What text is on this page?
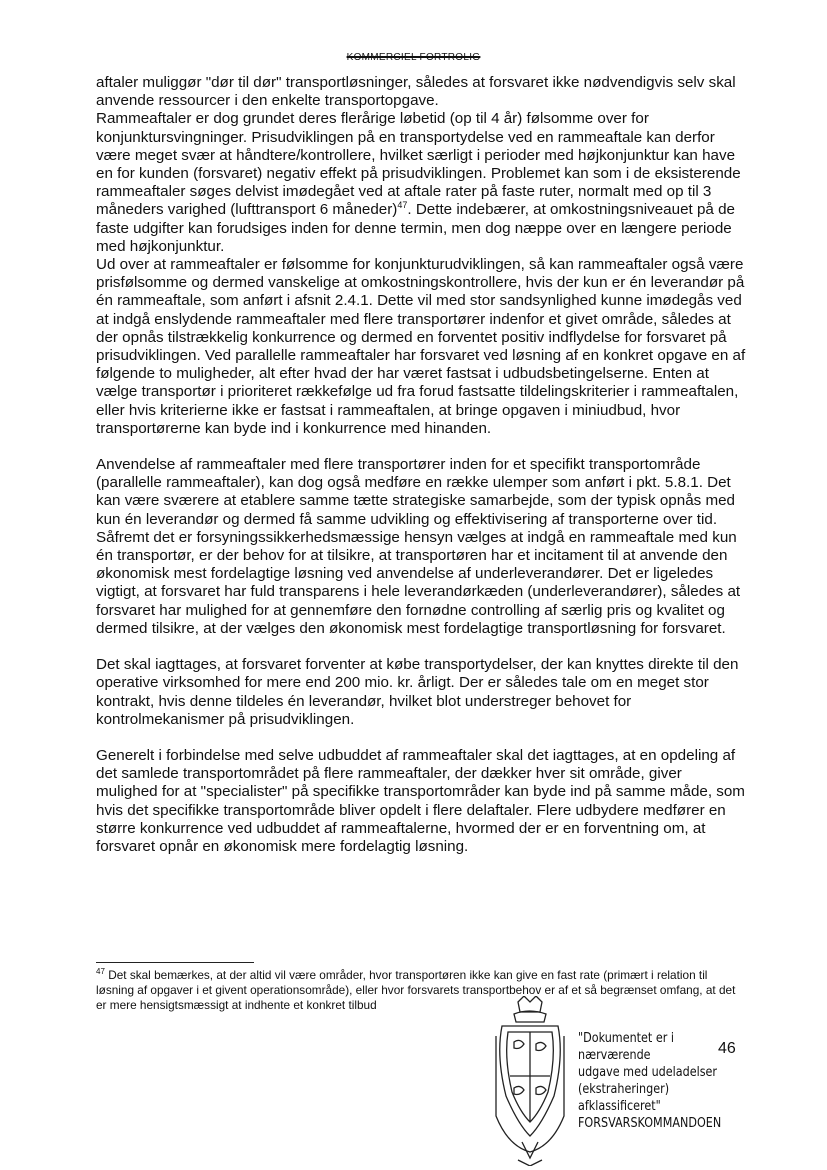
KOMMERCIEL FORTROLIG

aftaler muliggør "dør til dør" transportløsninger, således at forsvaret ikke nødvendigvis selv skal anvende ressourcer i den enkelte transportopgave.

Rammeaftaler er dog grundet deres flerårige løbetid (op til 4 år) følsomme over for konjunktursvingninger. Prisudviklingen på en transportydelse ved en rammeaftale kan derfor være meget svær at håndtere/kontrollere, hvilket særligt i perioder med højkonjunktur kan have en for kunden (forsvaret) negativ effekt på prisudviklingen. Problemet kan som i de eksisterende rammeaftaler søges delvist imødegået ved at aftale rater på faste ruter, normalt med op til 3 måneders varighed (lufttransport 6 måneder)$^{47}$. Dette indebærer, at omkostningsniveauet på de faste udgifter kan forudsiges inden for denne termin, men dog næppe over en længere periode med højkonjunktur.

Ud over at rammeaftaler er følsomme for konjunkturudviklingen, så kan rammeaftaler også være prisfølsomme og dermed vanskelige at omkostningskontrollere, hvis der kun er én leverandør på én rammeaftale, som anført i afsnit 2.4.1. Dette vil med stor sandsynlighed kunne imødegås ved at indgå enslydende rammeaftaler med flere transportører indenfor et givet område, således at der opnås tilstrækkelig konkurrence og dermed en forventet positiv indflydelse for forsvaret på prisudviklingen. Ved parallelle rammeaftaler har forsvaret ved løsning af en konkret opgave en af følgende to muligheder, alt efter hvad der har været fastsat i udbudsbetingelserne. Enten at vælge transportør i prioriteret rækkefølge ud fra forud fastsatte tildelingskriterier i rammeaftalen, eller hvis kriterierne ikke er fastsat i rammeaftalen, at bringe opgaven i miniudbud, hvor transportørerne kan byde ind i konkurrence med hinanden.

Anvendelse af rammeaftaler med flere transportører inden for et specifikt transportområde (parallelle rammeaftaler), kan dog også medføre en række ulemper som anført i pkt. 5.8.1. Det kan være sværere at etablere samme tætte strategiske samarbejde, som der typisk opnås med kun én leverandør og dermed få samme udvikling og effektivisering af transporterne over tid. Såfremt det er forsyningssikkerhedsmæssige hensyn vælges at indgå en rammeaftale med kun én transportør, er der behov for at tilsikre, at transportøren har et incitament til at anvende den økonomisk mest fordelagtige løsning ved anvendelse af underleverandører. Det er ligeledes vigtigt, at forsvaret har fuld transparens i hele leverandørkæden (underleverandører), således at forsvaret har mulighed for at gennemføre den fornødne controlling af særlig pris og kvalitet og dermed tilsikre, at der vælges den økonomisk mest fordelagtige transportløsning for forsvaret.

Det skal iagttages, at forsvaret forventer at købe transportydelser, der kan knyttes direkte til den operative virksomhed for mere end 200 mio. kr. årligt. Der er således tale om en meget stor kontrakt, hvis denne tildeles én leverandør, hvilket blot understreger behovet for kontrolmekanismer på prisudviklingen.

Generelt i forbindelse med selve udbuddet af rammeaftaler skal det iagttages, at en opdeling af det samlede transportområdet på flere rammeaftaler, der dækker hver sit område, giver mulighed for at "specialister" på specifikke transportområder kan byde ind på samme måde, som hvis det specifikke transportområde bliver opdelt i flere delaftaler. Flere udbydere medfører en større konkurrence ved udbuddet af rammeaftalerne, hvormed der er en forventning om, at forsvaret opnår en økonomisk mere fordelagtig løsning.

$^{47}$ Det skal bemærkes, at der altid vil være områder, hvor transportøren ikke kan give en fast rate (primært i relation til løsning af opgaver i et givent operationsområde), eller hvor forsvarets transportbehov er af et så begrænset omfang, at det er mere hensigtsmæssigt at indhente et konkret tilbud
"Dokumentet er i nærværende
udgave med udeladelser
(ekstraheringer) afklassificeret"
FORSVARSKOMMANDOEN
46
